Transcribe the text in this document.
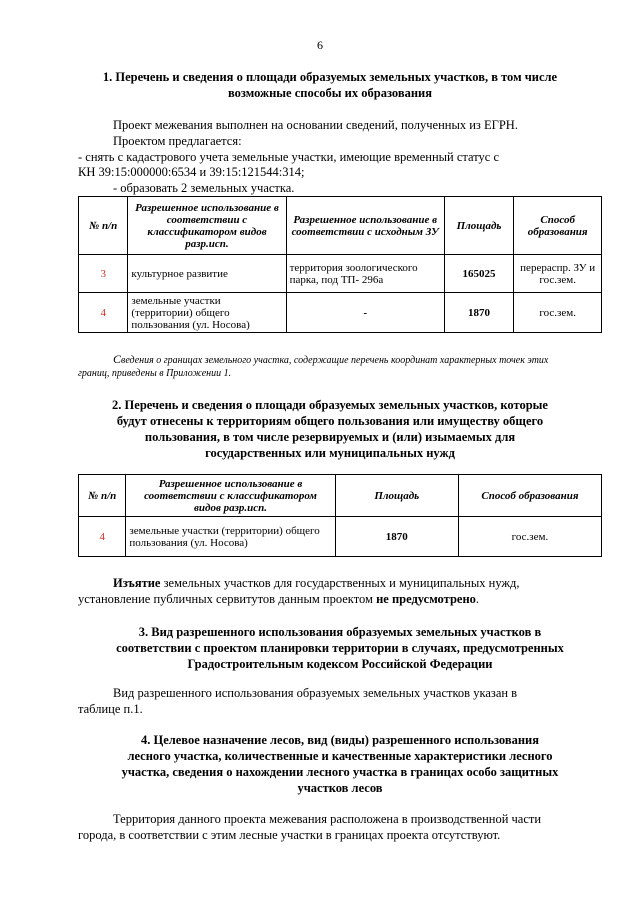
6
1. Перечень и сведения о площади образуемых земельных участков, в том числе
возможные способы их образования
Проект межевания выполнен на основании сведений, полученных из ЕГРН.
Проектом предлагается:
- снять с кадастрового учета земельные участки, имеющие временный статус с
КН 39:15:000000:6534 и 39:15:121544:314;
- образовать 2 земельных участка.
№ п/п	Разрешенное использование в соответствии с классификатором видов разр.исп.	Разрешенное использование в соответствии с исходным ЗУ	Площадь	Способ образования
3	культурное развитие	территория зоологического парка, под ТП- 296а	165025	перераспр. ЗУ и гос.зем.
4	земельные участки (территории) общего пользования (ул. Носова)	-	1870	гос.зем.
Сведения о границах земельного участка, содержащие перечень координат характерных точек этих
границ, приведены в Приложении 1.
2. Перечень и сведения о площади образуемых земельных участков, которые
будут отнесены к территориям общего пользования или имуществу общего
пользования, в том числе резервируемых и (или) изымаемых для
государственных или муниципальных нужд
№ п/п	Разрешенное использование в соответствии с классификатором видов разр.исп.	Площадь	Способ образования
4	земельные участки (территории) общего пользования (ул. Носова)	1870	гос.зем.
Изъятие земельных участков для государственных и муниципальных нужд,
установление публичных сервитутов данным проектом не предусмотрено.
3. Вид разрешенного использования образуемых земельных участков в
соответствии с проектом планировки территории в случаях, предусмотренных
Градостроительным кодексом Российской Федерации
Вид разрешенного использования образуемых земельных участков указан в
таблице п.1.
4. Целевое назначение лесов, вид (виды) разрешенного использования
лесного участка, количественные и качественные характеристики лесного
участка, сведения о нахождении лесного участка в границах особо защитных
участков лесов
Территория данного проекта межевания расположена в производственной части
города, в соответствии с этим лесные участки в границах проекта отсутствуют.
